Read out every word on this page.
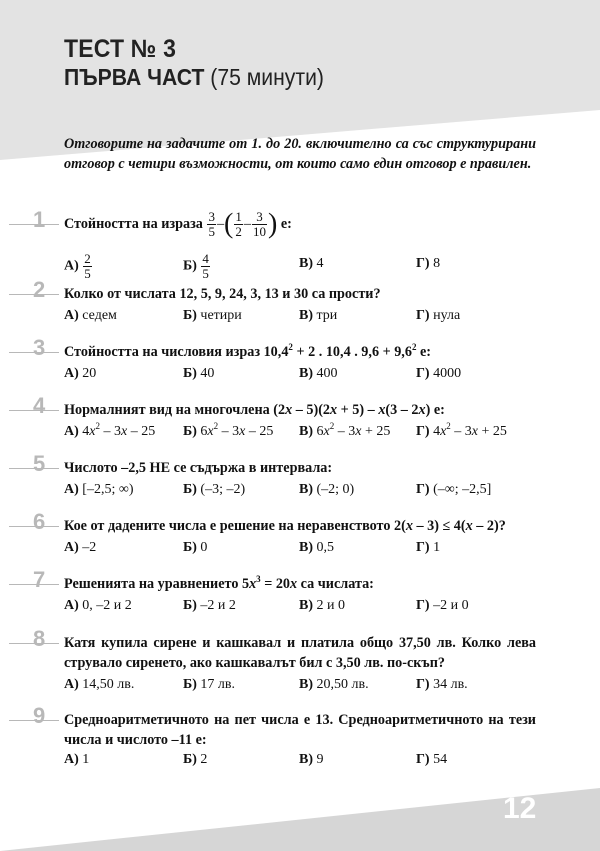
ТЕСТ № 3
ПЪРВА ЧАСТ (75 минути)
Отговорите на задачите от 1. до 20. включително са със структурирани отговор с четири възможности, от които само един отговор е правилен.
1 Стойността на израза $\frac{3}{5}$ –( $\frac{1}{2} - \frac{3}{10}$ ) е:
$А) \frac{2}{5}$	$Б) \frac{4}{5}$	В) 4	Г) 8
2 Колко от числата 12, 5, 9, 24, 3, 13 и 30 са прости?
А) седем	Б) четири	В) три	Г) нула
3 Стойността на числовия израз $10,4^2 + 2$ . 10,4 . $9,6 + 9,6^2$ е:
А) 20	Б) 40	В) 400	Г) 4000
4 Нормалният вид на многочлена (2x – 5)(2x + 5) – x(3 – 2x) е:
А) $4x^2 - 3x - 25$ Б) $6x^2 - 3x - 25$ В) $6x^2 - 3x + 25$ Г) $4x^2 - 3x + 25$
5 Числото –2,5 НЕ се съдържа в интервала:
А) [–2,5; ∞)	Б) (–3; –2)	В) (–2; 0)	Г) (–∞; –2,5]
6 Кое от дадените числа е решение на неравенството 2(x – 3) ≤ 4(x – 2)?
А) –2	Б) 0	В) 0,5	Г) 1
7 Решенията на уравнението $5x^3 = 20x$ са числата:
А) 0, –2 и 2	Б) –2 и 2	В) 2 и 0	Г) –2 и 0
8 Катя купила сирене и кашкавал и платила общо 37,50 лв. Колко лева струвало сиренето, ако кашкавалът бил с 3,50 лв. по-скъп?
А) 14,50 лв.	Б) 17 лв.	В) 20,50 лв.	Г) 34 лв.
9 Средноаритметичното на пет числа е 13. Средноаритметичното на тези числа и числото –11 е:
А) 1	Б) 2	В) 9	Г) 54
12
